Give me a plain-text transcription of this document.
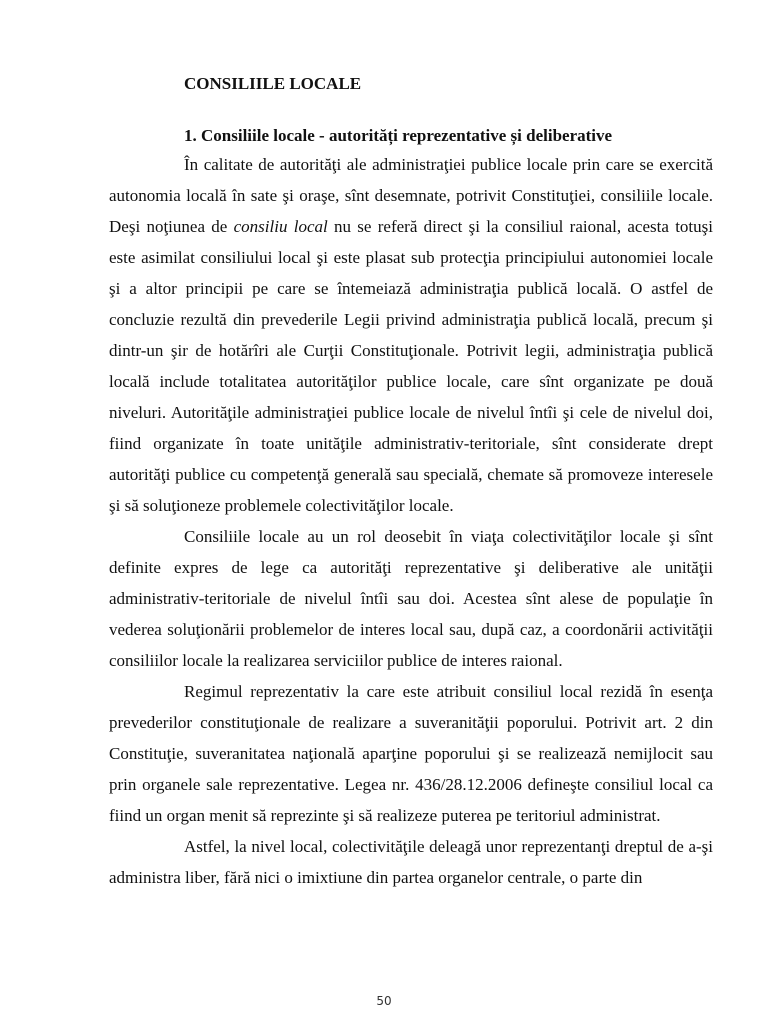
CONSILIILE LOCALE
1. Consiliile locale - autorități reprezentative și deliberative

În calitate de autorităţi ale administraţiei publice locale prin care se exercită autonomia locală în sate şi oraşe, sînt desemnate, potrivit Constituţiei, consiliile locale. Deşi noţiunea de consiliu local nu se referă direct şi la consiliul raional, acesta totuşi este asimilat consiliului local şi este plasat sub protecţia principiului autonomiei locale şi a altor principii pe care se întemeiază administraţia publică locală. O astfel de concluzie rezultă din prevederile Legii privind administraţia publică locală, precum şi dintr-un şir de hotărîri ale Curţii Constituţionale. Potrivit legii, administraţia publică locală include totalitatea autorităţilor publice locale, care sînt organizate pe două niveluri. Autorităţile administraţiei publice locale de nivelul întîi şi cele de nivelul doi, fiind organizate în toate unităţile administrativ-teritoriale, sînt considerate drept autorităţi publice cu competenţă generală sau specială, chemate să promoveze interesele şi să soluţioneze problemele colectivităţilor locale.

Consiliile locale au un rol deosebit în viaţa colectivităţilor locale şi sînt definite expres de lege ca autorităţi reprezentative şi deliberative ale unităţii administrativ-teritoriale de nivelul întîi sau doi. Acestea sînt alese de populaţie în vederea soluţionării problemelor de interes local sau, după caz, a coordonării activităţii consiliilor locale la realizarea serviciilor publice de interes raional.

Regimul reprezentativ la care este atribuit consiliul local rezidă în esenţa prevederilor constituţionale de realizare a suveranităţii poporului. Potrivit art. 2 din Constituţie, suveranitatea naţională aparţine poporului şi se realizează nemijlocit sau prin organele sale reprezentative. Legea nr. 436/28.12.2006 defineşte consiliul local ca fiind un organ menit să reprezinte şi să realizeze puterea pe teritoriul administrat.

Astfel, la nivel local, colectivităţile deleagă unor reprezentanţi dreptul de a-şi administra liber, fără nici o imixtiune din partea organelor centrale, o parte din

50
